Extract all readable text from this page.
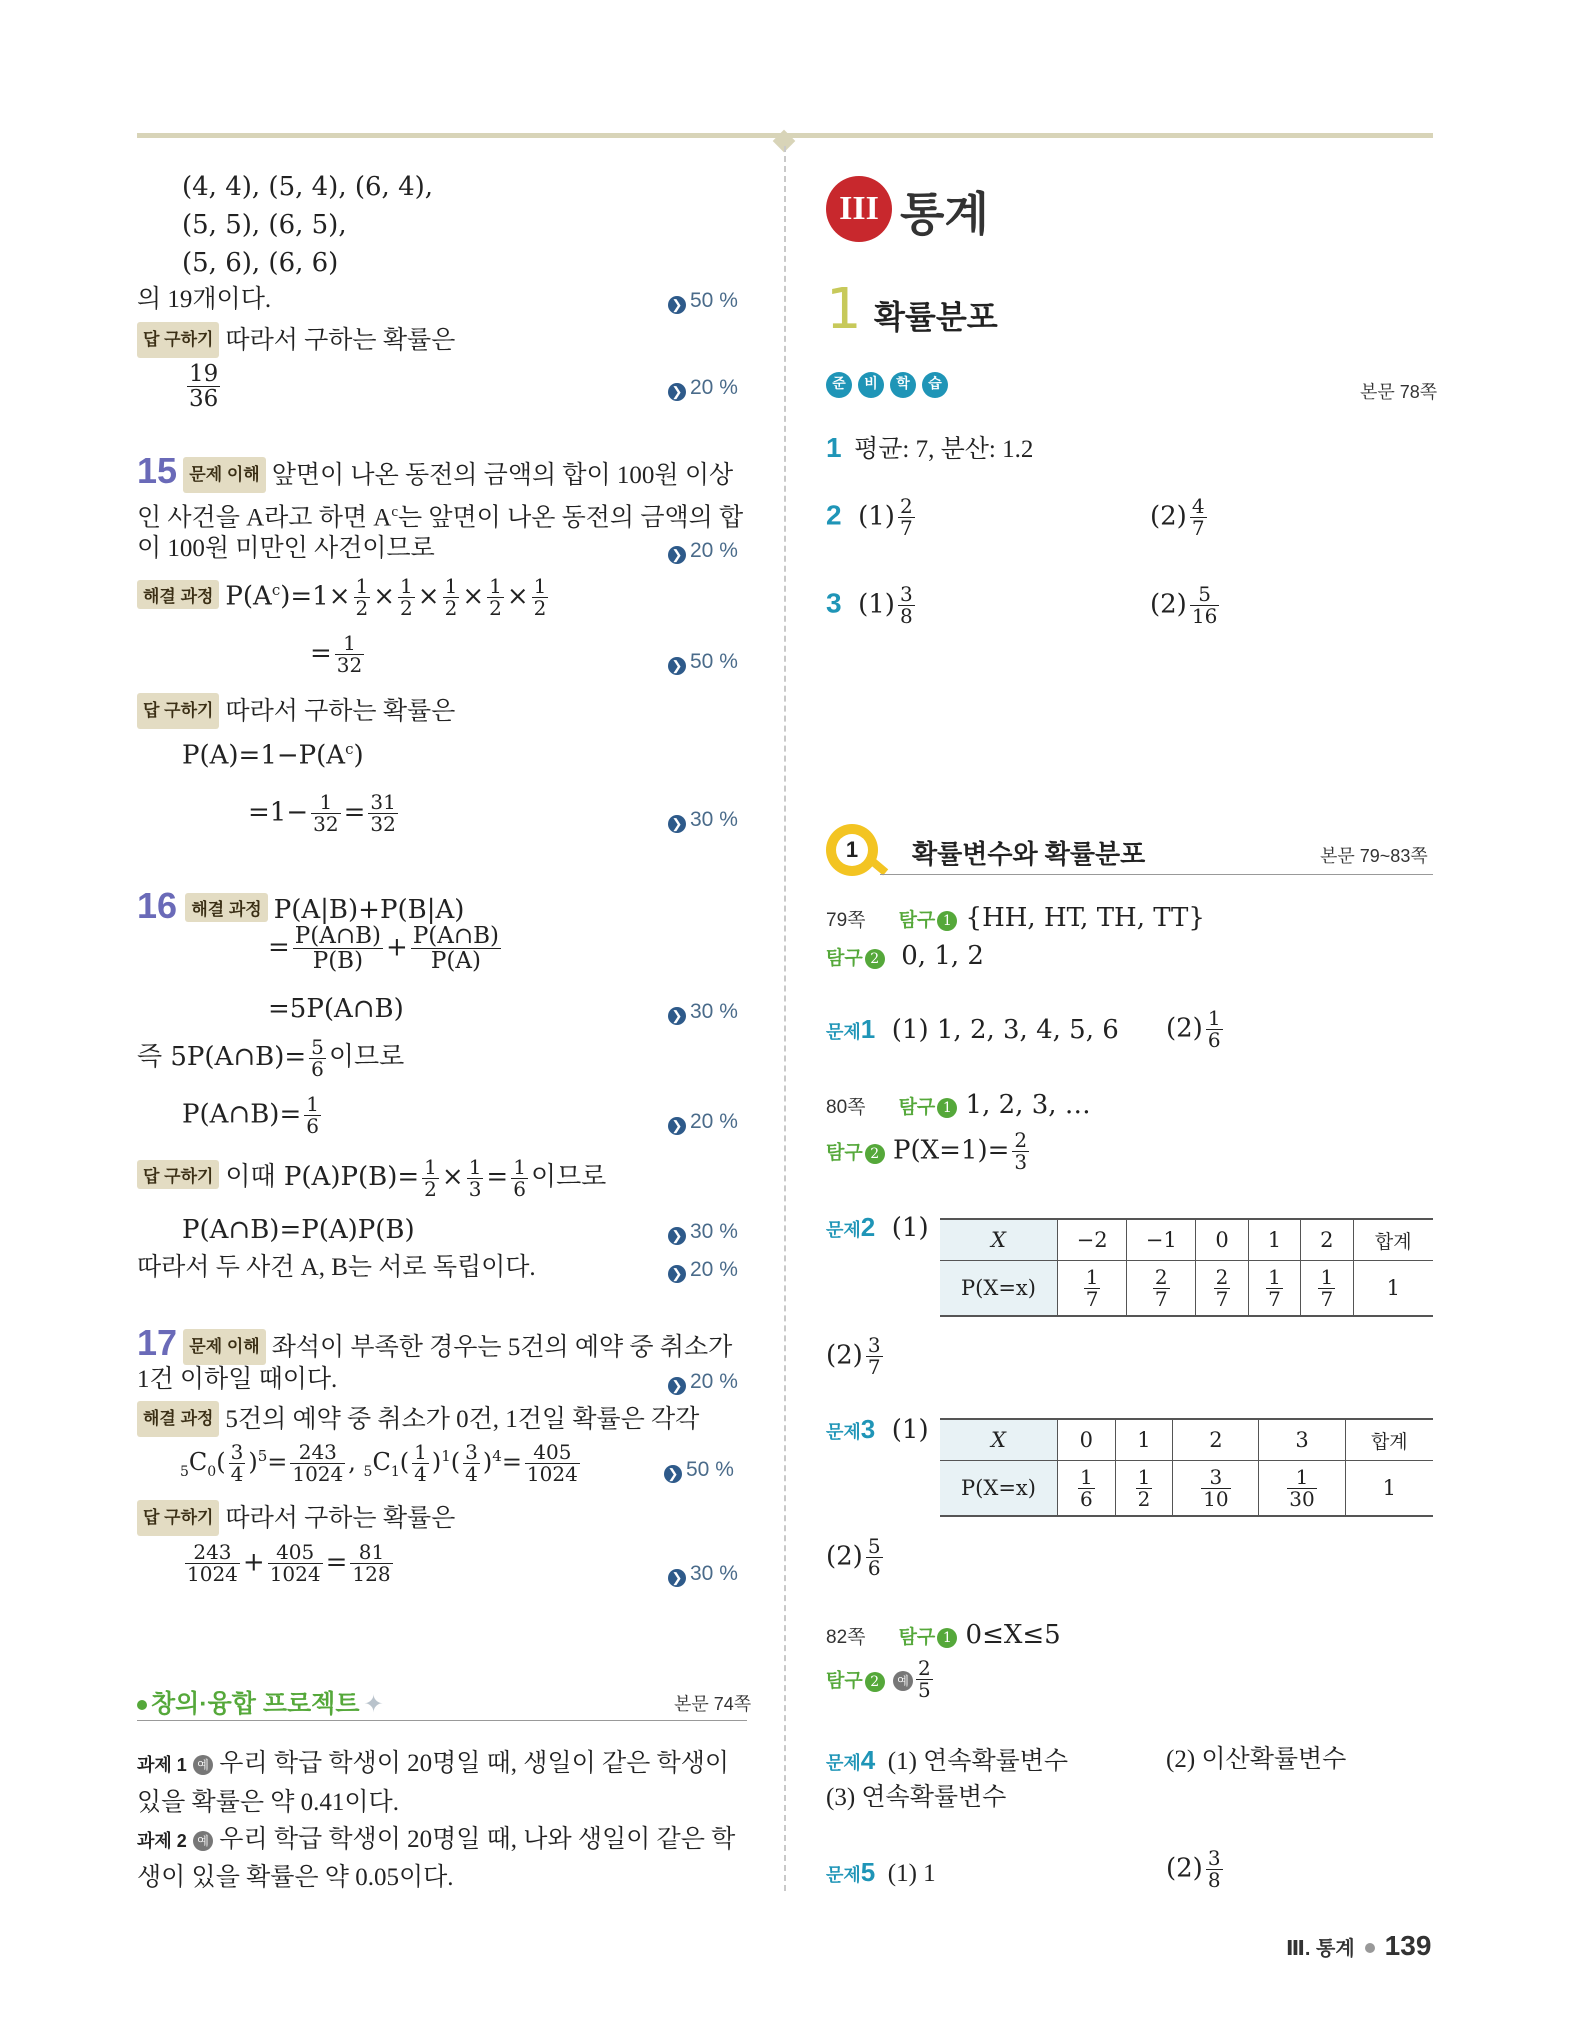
(4, 4), (5, 4), (6, 4),
(5, 5), (6, 5),
(5, 6), (6, 6)
의 19개이다.	❯ 50 %
답 구하기 따라서 구하는 확률은
$\frac{19}{36}$	❯ 20 %
15 문제 이해 앞면이 나온 동전의 금액의 합이 100원 이상
인 사건을 A라고 하면 $A^c$는 앞면이 나온 동전의 금액의 합
이 100원 미만인 사건이므로	❯ 20 %
해결 과정 $P(A^c)=1\times \frac{1}{2} \times \frac{1}{2} \times \frac{1}{2} \times \frac{1}{2} \times \frac{1}{2}$
= $\frac{1}{32}$	❯ 50 %
답 구하기 따라서 구하는 확률은
$P(A)=1-P(A^c)$
$=1- \frac{1}{32} = \frac{31}{32}$	❯ 30 %
16 해결 과정 P(A|B)+P(B|A)
= $\frac{P(A\cap B)}{P(B)} + \frac{P(A\cap B)}{P(A)}$
=5P(A∩B)	❯ 30 %
즉 5P(A∩B)= $\frac{5}{6}$ 이므로
P(A∩B)= $\frac{1}{6}$	❯ 20 %
답 구하기 이때 $P(A)P(B)= \frac{1}{2} \times \frac{1}{3} = \frac{1}{6}$ 이므로
P(A∩B)=P(A)P(B)	❯ 30 %
따라서 두 사건 A, B는 서로 독립이다.	❯ 20 %
17 문제 이해 좌석이 부족한 경우는 5건의 예약 중 취소가
1건 이하일 때이다.	❯ 20 %
해결 과정 5건의 예약 중 취소가 0건, 1건일 확률은 각각
$_5C_0( \frac{3}{4} )^5= \frac{243}{1024}$ , $_5C_1( \frac{1}{4} )^1( \frac{3}{4} )^4= \frac{405}{1024}$	❯ 50 %
답 구하기 따라서 구하는 확률은
$\frac{243}{1024} + \frac{405}{1024} = \frac{81}{128}$	❯ 30 %
창의·융합 프로젝트 ✦	본문 74쪽
과제 1 예 우리 학급 학생이 20명일 때, 생일이 같은 학생이
있을 확률은 약 0.41이다.
과제 2 예 우리 학급 학생이 20명일 때, 나와 생일이 같은 학
생이 있을 확률은 약 0.05이다.
III 통계
1 확률분포
준 비 학 습	본문 78쪽
1 평균: 7, 분산: 1.2
2 $(1) \frac{2}{7}$	$(2) \frac{4}{7}$
3 $(1) \frac{3}{8}$	$(2) \frac{5}{16}$
1	확률변수와 확률분포	본문 79~83쪽
79쪽 탐구 1 {HH, HT, TH, TT}
탐구 2 0, 1, 2
문제1 (1) 1, 2, 3, 4, 5, 6 $(2) \frac{1}{6}$
80쪽 탐구 1 1, 2, 3, …
탐구 2 $P(X=1)= \frac{2}{3}$
문제2 (1)	X	−2	−1	0	1	2	합계
P(X=x)	$\frac{1}{7}$	$\frac{2}{7}$	$\frac{2}{7}$	$\frac{1}{7}$	$\frac{1}{7}$	1
$(2) \frac{3}{7}$
문제3 (1)	X	0	1	2	3	합계
P(X=x)	$\frac{1}{6}$	$\frac{1}{2}$	$\frac{3}{10}$	$\frac{1}{30}$	1
$(2) \frac{5}{6}$
82쪽 탐구 1 0≤X≤5
탐구 2 예 $\frac{2}{5}$
문제4 (1) 연속확률변수	(2) 이산확률변수
(3) 연속확률변수
문제5 (1) 1	$(2) \frac{3}{8}$
Ⅲ. 통계 139
